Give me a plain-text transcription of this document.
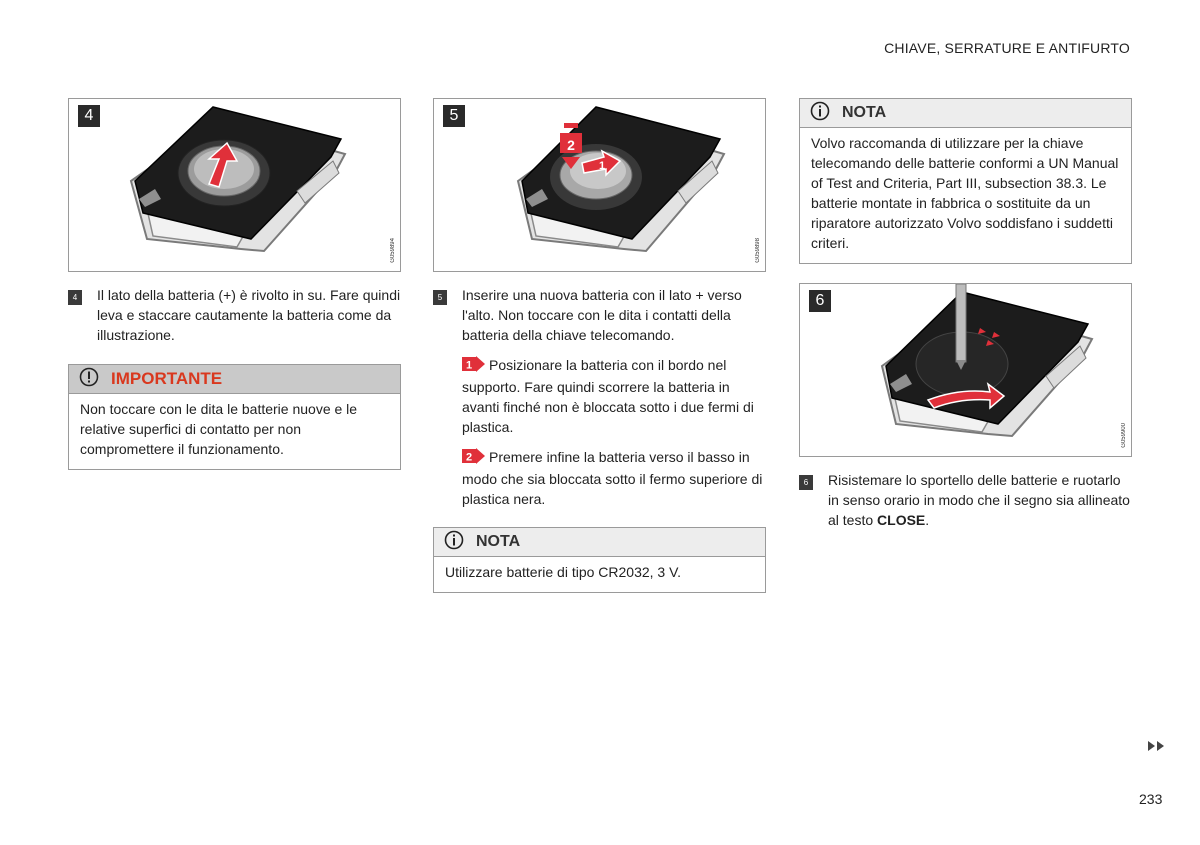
CHIAVE, SERRATURE E ANTIFURTO
4
G059894
4	Il lato della batteria (+) è rivolto in su. Fare quindi leva e staccare cautamente la batteria come da illustrazione.
IMPORTANTE
Non toccare con le dita le batterie nuove e le relative superfici di contatto per non compromettere il funzionamento.
2
1
5
G059898
5	Inserire una nuova batteria con il lato + verso l'alto. Non toccare con le dita i contatti della batteria della chiave telecomando.
1 Posizionare la batteria con il bordo nel supporto. Fare quindi scorrere la batteria in avanti finché non è bloccata sotto i due fermi di plastica.
2 Premere infine la batteria verso il basso in modo che sia bloccata sotto il fermo superiore di plastica nera.
NOTA
Utilizzare batterie di tipo CR2032, 3 V.
NOTA
Volvo raccomanda di utilizzare per la chiave telecomando delle batterie conformi a UN Manual of Test and Criteria, Part III, subsection 38.3. Le batterie montate in fabbrica o sostituite da un riparatore autorizzato Volvo soddisfano i suddetti criteri.
6
G059900
6	Risistemare lo sportello delle batterie e ruotarlo in senso orario in modo che il segno sia allineato al testo CLOSE.
233
